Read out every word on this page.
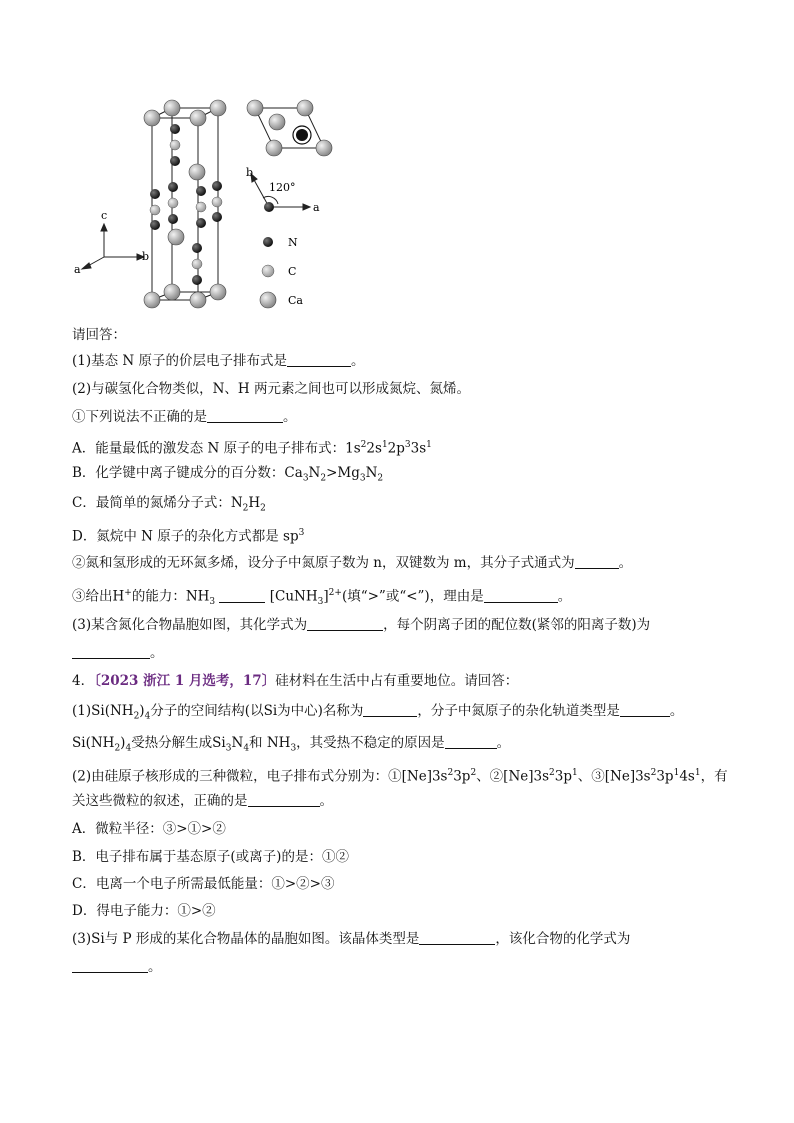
c
b
a
b
120°
a
N
C
Ca
请回答：
(1)基态 N 原子的价层电子排布式是	。
(2)与碳氢化合物类似，N、H 两元素之间也可以形成氮烷、氮烯。
①下列说法不正确的是	。
A．能量最低的激发态 N 原子的电子排布式：$1s^22s^12p^33s^1$
B．化学键中离子键成分的百分数：$Ca_3N_2>Mg_3N_2$
C．最简单的氮烯分子式：$N_2H_2$
D．氮烷中 N 原子的杂化方式都是 $sp^3$
②氮和氢形成的无环氮多烯，设分子中氮原子数为 n，双键数为 m，其分子式通式为	。
③给出H+的能力：$NH_3$	[CuNH$_3$]$^{2+}$(填“>”或“<”)，理由是	。
(3)某含氮化合物晶胞如图，其化学式为	，每个阴离子团的配位数(紧邻的阳离子数)为
。
4．〔2023 浙江 1 月选考，17〕硅材料在生活中占有重要地位。请回答：
$(1)Si(NH_2)_4$分子的空间结构(以Si为中心)名称为	，分子中氮原子的杂化轨道类型是	。
$Si(NH_2)_4$受热分解生成$Si_3N_4$和 $NH_3$，其受热不稳定的原因是	。
(2)由硅原子核形成的三种微粒，电子排布式分别为：$①[Ne]3s^23p^2$、$②[Ne]3s^23p^1$、$③[Ne]3s^23p^14s^1$，有
关这些微粒的叙述，正确的是	。
A．微粒半径：③>①>②
B．电子排布属于基态原子(或离子)的是：①②
C．电离一个电子所需最低能量：①>②>③
D．得电子能力：①>②
(3)Si与 P 形成的某化合物晶体的晶胞如图。该晶体类型是	，该化合物的化学式为
。
